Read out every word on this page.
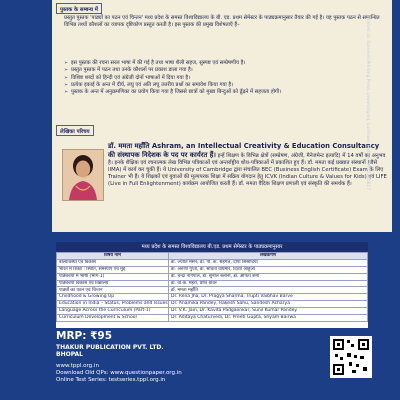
पुस्तक के सम्बन्ध में

प्रस्तुत पुस्तक 'पाठ्यों का पठन एवं चिन्तन' मध्य प्रदेश के समस्त विश्वविद्यालय के बी. एड. प्रथम सेमेस्टर के पाठ्यक्रमानुसार तैयार की गई है। यह पुस्तक पठन से सम्बन्धित विभिन्न तथ्यों कौशलों का व्यापक दृष्टिकोण प्रस्तुत करती है। इस पुस्तक की प्रमुख विशेषताएँ हैं–

➢ इस पुस्तक की रचना सरल भाषा में की गई है तथा भाषा शैली सहज, सुस्पष्ट एवं सम्प्रेषणीय है।
➢ प्रस्तुत पुस्तक में पठन तथा उनके कौशलों पर प्रकाश डाला गया है।
➢ विशिष्ट शब्दों को हिन्दी एवं अंग्रेजी दोनों भाषाओं में दिया गया है।
➢ प्रत्येक इकाई के अन्त में दीर्घ, लघु एवं अति लघु उत्तरीय प्रश्नों का समावेश किया गया है।
➢ पुस्तक के अन्त में अनुक्रमणिका का प्रयोग किया गया है जिससे छात्रों को मुख्य बिन्दुओं को ढूँढ़ने में सहजता होगी।
लेखिका परिचय

डॉ. ममता महाँति Ashram, an Intellectual Creativity & Education Consultancy की संस्थापक निदेशक के पद पर कार्यरत हैं। इन्हें शिक्षण के विभिन्न क्षेत्रों (सम्प्रेषण, अंग्रेजी, मैनेजमेन्ट इत्यादि) में 14 वर्षों का अनुभव है। इनके शैक्षिक एवं रचनात्मक लेख विभिन्न पत्रिकाओं एवं अन्तर्राष्ट्रीय शोध-पत्रिकाओं में प्रकाशित हुए हैं। डॉ. ममता कई प्रख्यात संस्थानों (जैसे IIMA) में कार्य कर चुकी हैं। ये University of Cambridge द्वारा संचालित BEC (Business English Certificate) Exam के लिए Trainer भी हैं। ये शिक्षकों एवं युवाओं की मूल्यपरक शिक्षा में सक्रिय योगदान हेतु ICVK (Indian Culture & Values for Kids) एवं LIFE (Live in Full Enlightenment) कार्यक्रम आयोजित करती हैं। डॉ. ममता वैदिक शिक्षण प्रणाली एवं संस्कृति की समर्थक हैं।	Printed at: Sarswati Printing Press, Jawaharganj, Lucknow, Mobile: 9935185617
मध्य प्रदेश के समस्त विश्वविद्यालय बी.एड. प्रथम सेमेस्टर के पाठ्यक्रमानुसार
विषय नाम	लेखकगण
बाल्यावस्था एवं विकास	डॉ. ज्योति मैसन, डॉ. पी. के. सहगल, दीपा सिसोदिया
भारत में शिक्षा : स्थिति, समस्याएँ एवं मुद्दे	डॉ. अरुणा गुप्ता, डॉ. सविता वाघमारे, दिव्या आहूजा
पाठ्यचर्या में भाषा (भाग-1)	डॉ. चन्द्रा नागपाल, डॉ. सुनील बलानी, डॉ. अर्पिता शर्मा
पाठ्यचर्या विकास एवं विद्यालय	डॉ. वी.के. मेहरा, प्रीति ग्रोवर
पाठ्यों का पठन एवं चिन्तन	डॉ. ममता महाँति
Childhood & Growing Up	Dr. Rena Jha, Dr. Pragya Sharma, Trupti Vaibhav Barve
Education in India – Status, Problems and Issues	Dr. Anamika Pandey, Rakesh Sahu, Sandesh Acharya
Language Across the Curriculum (Part-1)	Dr. V.K. Jain, Dr. Kavita Padgaonkar, Sunil Kumar Pandey
Curriculum Development & School	Dr. Aditaya Chaturvedi, Dr. Preeti Gupta, Shyam Bairwa

MRP: ₹95

THAKUR PUBLICATION PVT. LTD.

BHOPAL

www.tppl.org.in
Download Old QPs: www.questionpaper.org.in
Online Test Series: testseries.tppl.org.in
